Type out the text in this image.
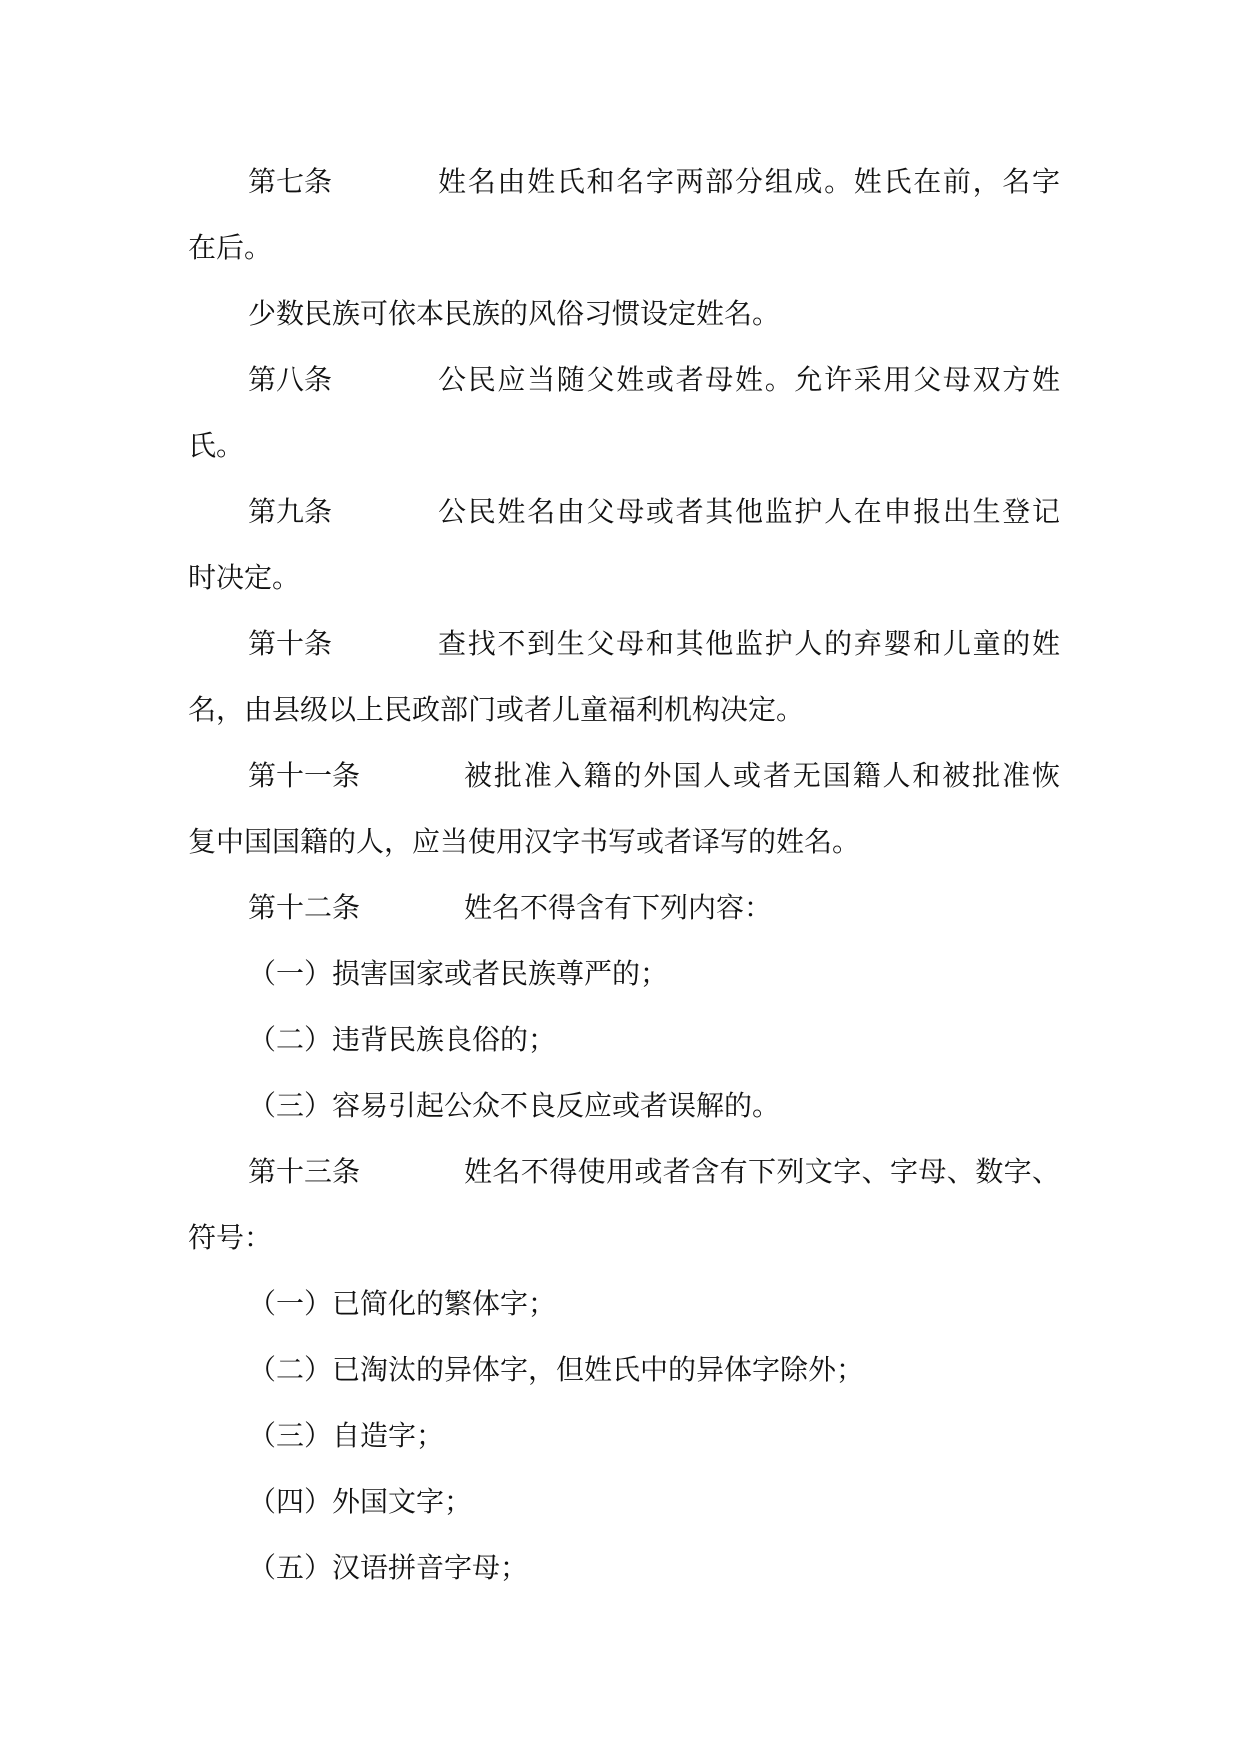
第七条	姓名由姓氏和名字两部分组成。姓氏在前，名字
在后。
少数民族可依本民族的风俗习惯设定姓名。
第八条	公民应当随父姓或者母姓。允许采用父母双方姓
氏。
第九条	公民姓名由父母或者其他监护人在申报出生登记
时决定。
第十条	查找不到生父母和其他监护人的弃婴和儿童的姓
名，由县级以上民政部门或者儿童福利机构决定。
第十一条	被批准入籍的外国人或者无国籍人和被批准恢
复中国国籍的人，应当使用汉字书写或者译写的姓名。
第十二条	姓名不得含有下列内容：
（一）损害国家或者民族尊严的；
（二）违背民族良俗的；
（三）容易引起公众不良反应或者误解的。
第十三条	姓名不得使用或者含有下列文字、字母、数字、
符号：
（一）已简化的繁体字；
（二）已淘汰的异体字，但姓氏中的异体字除外；
（三）自造字；
（四）外国文字；
（五）汉语拼音字母；
